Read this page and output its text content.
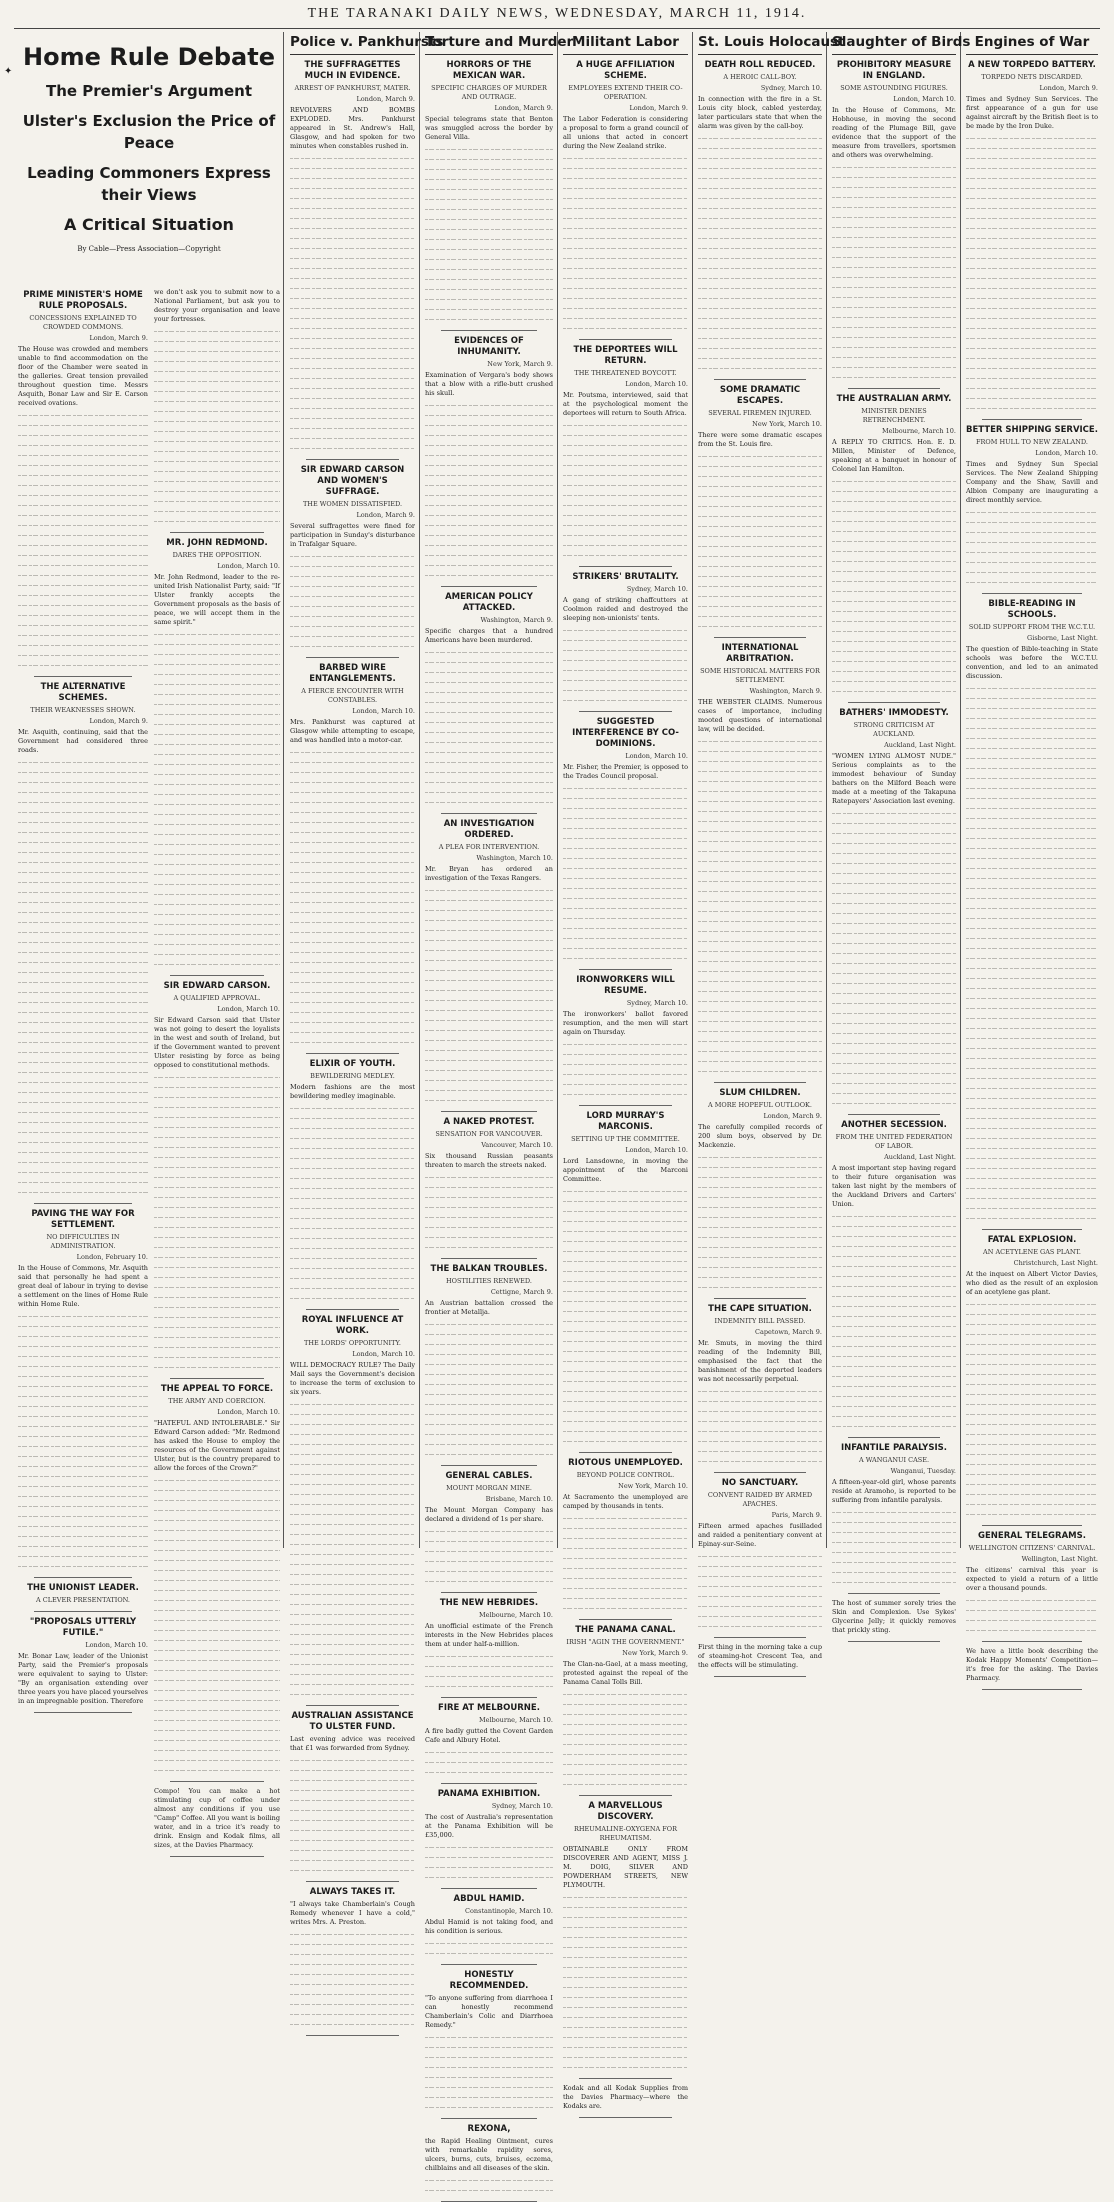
THE TARANAKI DAILY NEWS, WEDNESDAY, MARCH 11, 1914.
✦
PRIME MINISTER'S HOME RULE PROPOSALS.
CONCESSIONS EXPLAINED TO CROWDED COMMONS.
London, March 9.
The House was crowded and members unable to find accommodation on the floor of the Chamber were seated in the galleries. Great tension prevailed throughout question time. Messrs Asquith, Bonar Law and Sir E. Carson received ovations.
THE ALTERNATIVE SCHEMES.
THEIR WEAKNESSES SHOWN.
London, March 9.
Mr. Asquith, continuing, said that the Government had considered three roads.
PAVING THE WAY FOR SETTLEMENT.
NO DIFFICULTIES IN ADMINISTRATION.
London, February 10.
In the House of Commons, Mr. Asquith said that personally he had spent a great deal of labour in trying to devise a settlement on the lines of Home Rule within Home Rule.
THE UNIONIST LEADER.
A CLEVER PRESENTATION.
"PROPOSALS UTTERLY FUTILE."
London, March 10.
Mr. Bonar Law, leader of the Unionist Party, said the Premier's proposals were equivalent to saying to Ulster: "By an organisation extending over three years you have placed yourselves in an impregnable position. Therefore
we don't ask you to submit now to a National Parliament, but ask you to destroy your organisation and leave your fortresses.
MR. JOHN REDMOND.
DARES THE OPPOSITION.
London, March 10.
Mr. John Redmond, leader to the re-united Irish Nationalist Party, said: "If Ulster frankly accepts the Government proposals as the basis of peace, we will accept them in the same spirit."
SIR EDWARD CARSON.
A QUALIFIED APPROVAL.
London, March 10.
Sir Edward Carson said that Ulster was not going to desert the loyalists in the west and south of Ireland, but if the Government wanted to prevent Ulster resisting by force as being opposed to constitutional methods.
THE APPEAL TO FORCE.
THE ARMY AND COERCION.
London, March 10.
"HATEFUL AND INTOLERABLE." Sir Edward Carson added: "Mr. Redmond has asked the House to employ the resources of the Government against Ulster, but is the country prepared to allow the forces of the Crown?"
Compo! You can make a hot stimulating cup of coffee under almost any conditions if you use "Camp" Coffee. All you want is boiling water, and in a trice it's ready to drink. Ensign and Kodak films, all sizes, at the Davies Pharmacy.
Home Rule Debate
The Premier's Argument
Ulster's Exclusion the Price of Peace
Leading Commoners Express their Views
A Critical Situation
By Cable—Press Association—Copyright
Police v. Pankhursts
THE SUFFRAGETTES MUCH IN EVIDENCE.
ARREST OF PANKHURST, MATER.
London, March 9.
REVOLVERS AND BOMBS EXPLODED. Mrs. Pankhurst appeared in St. Andrew's Hall, Glasgow, and had spoken for two minutes when constables rushed in.
SIR EDWARD CARSON AND WOMEN'S SUFFRAGE.
THE WOMEN DISSATISFIED.
London, March 9.
Several suffragettes were fined for participation in Sunday's disturbance in Trafalgar Square.
BARBED WIRE ENTANGLEMENTS.
A FIERCE ENCOUNTER WITH CONSTABLES.
London, March 10.
Mrs. Pankhurst was captured at Glasgow while attempting to escape, and was handled into a motor-car.
ELIXIR OF YOUTH.
BEWILDERING MEDLEY.
Modern fashions are the most bewildering medley imaginable.
ROYAL INFLUENCE AT WORK.
THE LORDS' OPPORTUNITY.
London, March 10.
WILL DEMOCRACY RULE? The Daily Mail says the Government's decision to increase the term of exclusion to six years.
AUSTRALIAN ASSISTANCE TO ULSTER FUND.
Last evening advice was received that £1 was forwarded from Sydney.
ALWAYS TAKES IT.
"I always take Chamberlain's Cough Remedy whenever I have a cold," writes Mrs. A. Preston.
Torture and Murder
HORRORS OF THE MEXICAN WAR.
SPECIFIC CHARGES OF MURDER AND OUTRAGE.
London, March 9.
Special telegrams state that Benton was smuggled across the border by General Villa.
EVIDENCES OF INHUMANITY.
New York, March 9.
Examination of Vergara's body shows that a blow with a rifle-butt crushed his skull.
AMERICAN POLICY ATTACKED.
Washington, March 9.
Specific charges that a hundred Americans have been murdered.
AN INVESTIGATION ORDERED.
A PLEA FOR INTERVENTION.
Washington, March 10.
Mr. Bryan has ordered an investigation of the Texas Rangers.
A NAKED PROTEST.
SENSATION FOR VANCOUVER.
Vancouver, March 10.
Six thousand Russian peasants threaten to march the streets naked.
THE BALKAN TROUBLES.
HOSTILITIES RENEWED.
Cettigne, March 9.
An Austrian battalion crossed the frontier at Metallja.
GENERAL CABLES.
MOUNT MORGAN MINE.
Brisbane, March 10.
The Mount Morgan Company has declared a dividend of 1s per share.
THE NEW HEBRIDES.
Melbourne, March 10.
An unofficial estimate of the French interests in the New Hebrides places them at under half-a-million.
FIRE AT MELBOURNE.
Melbourne, March 10.
A fire badly gutted the Covent Garden Cafe and Albury Hotel.
PANAMA EXHIBITION.
Sydney, March 10.
The cost of Australia's representation at the Panama Exhibition will be £35,000.
ABDUL HAMID.
Constantinople, March 10.
Abdul Hamid is not taking food, and his condition is serious.
HONESTLY RECOMMENDED.
"To anyone suffering from diarrhoea I can honestly recommend Chamberlain's Colic and Diarrhoea Remedy."
REXONA,
the Rapid Healing Ointment, cures with remarkable rapidity sores, ulcers, burns, cuts, bruises, eczema, chilblains and all diseases of the skin.
Militant Labor
A HUGE AFFILIATION SCHEME.
EMPLOYEES EXTEND THEIR CO-OPERATION.
London, March 9.
The Labor Federation is considering a proposal to form a grand council of all unions that acted in concert during the New Zealand strike.
THE DEPORTEES WILL RETURN.
THE THREATENED BOYCOTT.
London, March 10.
Mr. Poutsma, interviewed, said that at the psychological moment the deportees will return to South Africa.
STRIKERS' BRUTALITY.
Sydney, March 10.
A gang of striking chaffcutters at Coolmon raided and destroyed the sleeping non-unionists' tents.
SUGGESTED INTERFERENCE BY CO-DOMINIONS.
London, March 10.
Mr. Fisher, the Premier, is opposed to the Trades Council proposal.
IRONWORKERS WILL RESUME.
Sydney, March 10.
The ironworkers' ballot favored resumption, and the men will start again on Thursday.
LORD MURRAY'S MARCONIS.
SETTING UP THE COMMITTEE.
London, March 10.
Lord Lansdowne, in moving the appointment of the Marconi Committee.
RIOTOUS UNEMPLOYED.
BEYOND POLICE CONTROL.
New York, March 10.
At Sacramento the unemployed are camped by thousands in tents.
THE PANAMA CANAL.
IRISH "AGIN THE GOVERNMENT."
New York, March 9.
The Clan-na-Gael, at a mass meeting, protested against the repeal of the Panama Canal Tolls Bill.
A MARVELLOUS DISCOVERY.
RHEUMALINE-OXYGENA FOR RHEUMATISM.
OBTAINABLE ONLY FROM DISCOVERER AND AGENT, MISS J. M. DOIG, SILVER AND POWDERHAM STREETS, NEW PLYMOUTH.
Kodak and all Kodak Supplies from the Davies Pharmacy—where the Kodaks are.
St. Louis Holocaust
DEATH ROLL REDUCED.
A HEROIC CALL-BOY.
Sydney, March 10.
In connection with the fire in a St. Louis city block, cabled yesterday, later particulars state that when the alarm was given by the call-boy.
SOME DRAMATIC ESCAPES.
SEVERAL FIREMEN INJURED.
New York, March 10.
There were some dramatic escapes from the St. Louis fire.
INTERNATIONAL ARBITRATION.
SOME HISTORICAL MATTERS FOR SETTLEMENT.
Washington, March 9.
THE WEBSTER CLAIMS. Numerous cases of importance, including mooted questions of international law, will be decided.
SLUM CHILDREN.
A MORE HOPEFUL OUTLOOK.
London, March 9.
The carefully compiled records of 200 slum boys, observed by Dr. Mackenzie.
THE CAPE SITUATION.
INDEMNITY BILL PASSED.
Capetown, March 9.
Mr. Smuts, in moving the third reading of the Indemnity Bill, emphasised the fact that the banishment of the deported leaders was not necessarily perpetual.
NO SANCTUARY.
CONVENT RAIDED BY ARMED APACHES.
Paris, March 9.
Fifteen armed apaches fusilladed and raided a penitentiary convent at Epinay-sur-Seine.
First thing in the morning take a cup of steaming-hot Crescent Tea, and the effects will be stimulating.
Slaughter of Birds
PROHIBITORY MEASURE IN ENGLAND.
SOME ASTOUNDING FIGURES.
London, March 10.
In the House of Commons, Mr. Hobhouse, in moving the second reading of the Plumage Bill, gave evidence that the support of the measure from travellers, sportsmen and others was overwhelming.
THE AUSTRALIAN ARMY.
MINISTER DENIES RETRENCHMENT.
Melbourne, March 10.
A REPLY TO CRITICS. Hon. E. D. Millen, Minister of Defence, speaking at a banquet in honour of Colonel Ian Hamilton.
BATHERS' IMMODESTY.
STRONG CRITICISM AT AUCKLAND.
Auckland, Last Night.
"WOMEN LYING ALMOST NUDE." Serious complaints as to the immodest behaviour of Sunday bathers on the Milford Beach were made at a meeting of the Takapuna Ratepayers' Association last evening.
ANOTHER SECESSION.
FROM THE UNITED FEDERATION OF LABOR.
Auckland, Last Night.
A most important step having regard to their future organisation was taken last night by the members of the Auckland Drivers and Carters' Union.
INFANTILE PARALYSIS.
A WANGANUI CASE.
Wanganui, Tuesday.
A fifteen-year-old girl, whose parents reside at Aramoho, is reported to be suffering from infantile paralysis.
The host of summer sorely tries the Skin and Complexion. Use Sykes' Glycerine Jelly; it quickly removes that prickly sting.
Engines of War
A NEW TORPEDO BATTERY.
TORPEDO NETS DISCARDED.
London, March 9.
Times and Sydney Sun Services. The first appearance of a gun for use against aircraft by the British fleet is to be made by the Iron Duke.
BETTER SHIPPING SERVICE.
FROM HULL TO NEW ZEALAND.
London, March 10.
Times and Sydney Sun Special Services. The New Zealand Shipping Company and the Shaw, Savill and Albion Company are inaugurating a direct monthly service.
BIBLE-READING IN SCHOOLS.
SOLID SUPPORT FROM THE W.C.T.U.
Gisborne, Last Night.
The question of Bible-teaching in State schools was before the W.C.T.U. convention, and led to an animated discussion.
FATAL EXPLOSION.
AN ACETYLENE GAS PLANT.
Christchurch, Last Night.
At the inquest on Albert Victor Davies, who died as the result of an explosion of an acetylene gas plant.
GENERAL TELEGRAMS.
WELLINGTON CITIZENS' CARNIVAL.
Wellington, Last Night.
The citizens' carnival this year is expected to yield a return of a little over a thousand pounds.
We have a little book describing the Kodak Happy Moments' Competition—it's free for the asking. The Davies Pharmacy.
